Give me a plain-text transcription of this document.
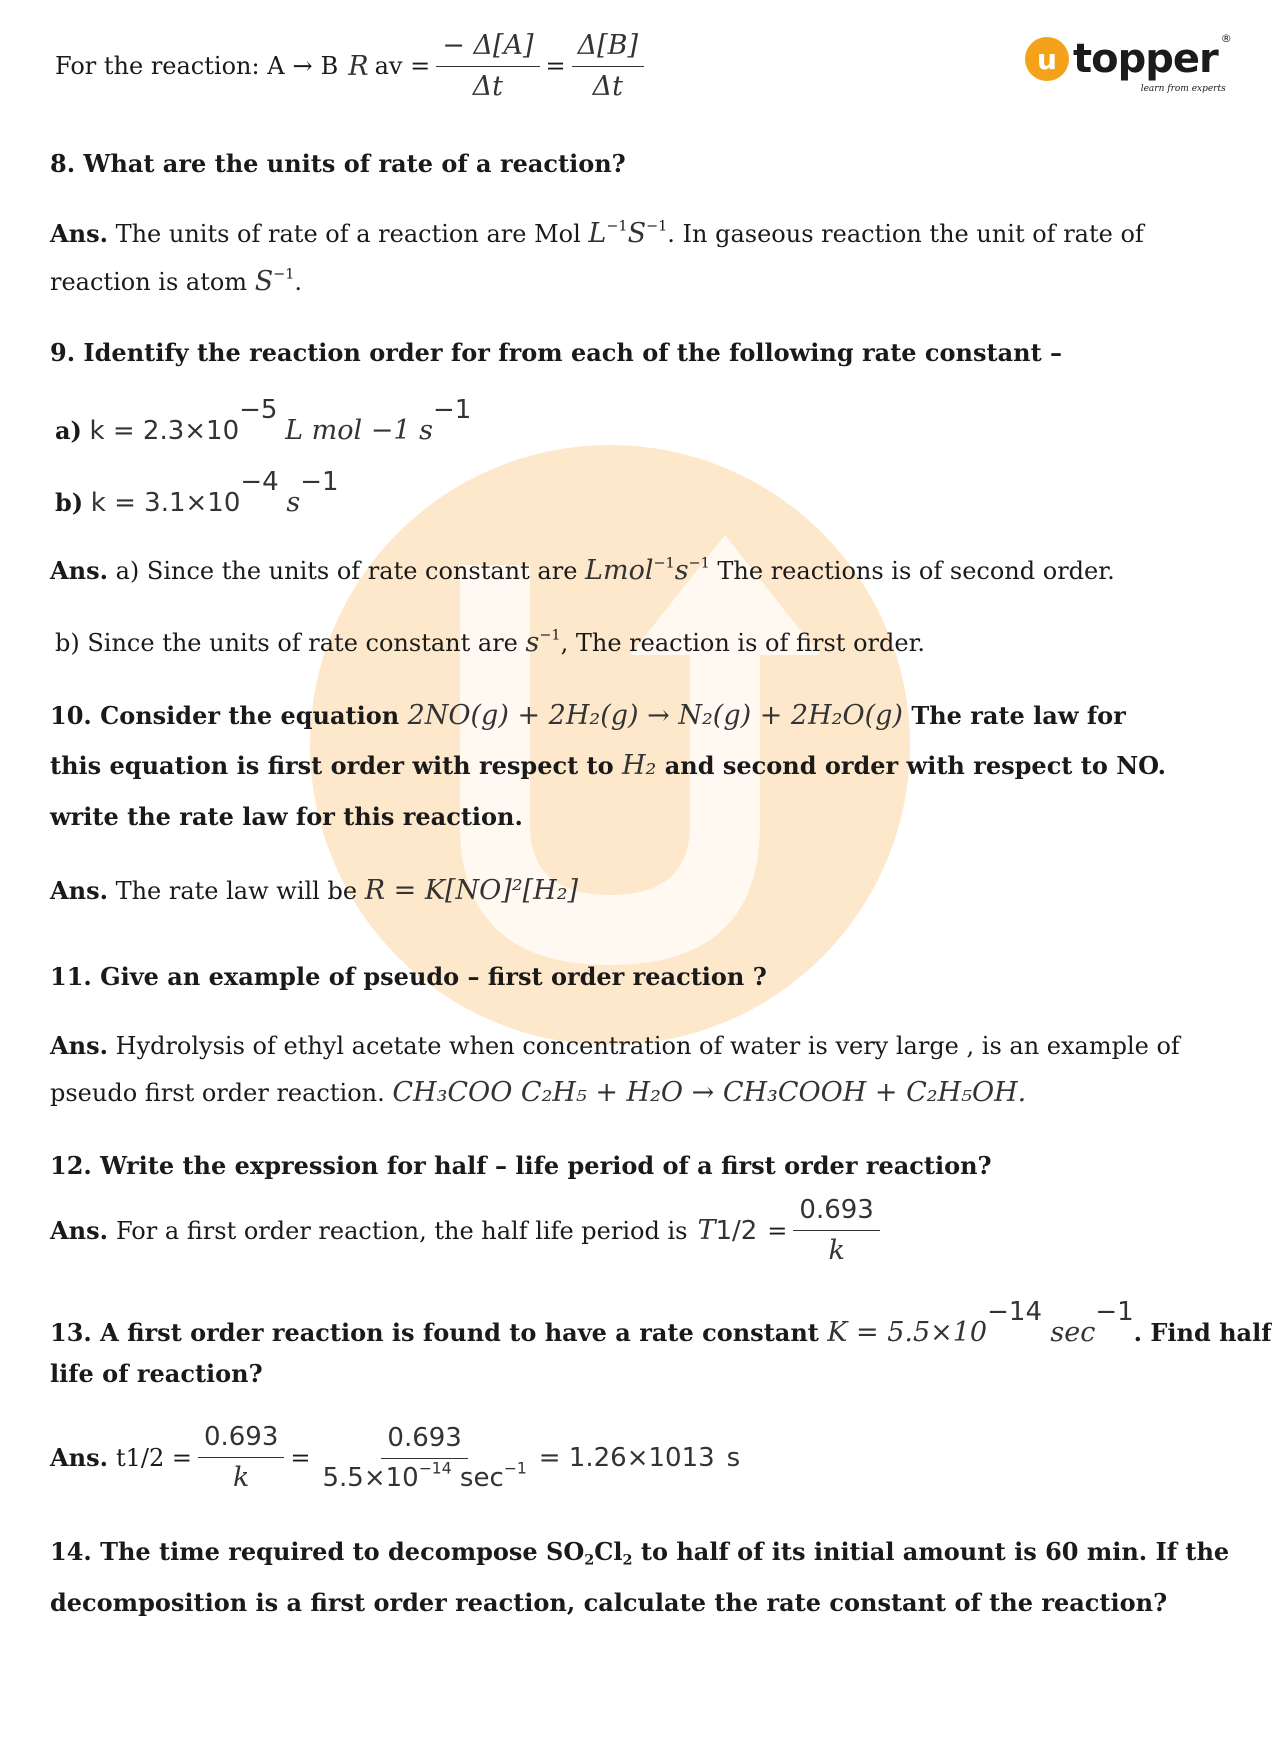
u topper ®
learn from experts
For the reaction: A → B R av = $\frac{- \Delta[A]}{\Delta t} = \frac{\Delta[B]}{\Delta t}$
8. What are the units of rate of a reaction?
Ans. The units of rate of a reaction are Mol $L^{-1}S^{-1}$. In gaseous reaction the unit of rate of
reaction is atom $S^{-1}$.
9. Identify the reaction order for from each of the following rate constant –
a) $k = 2.3\times 10^{-5}$ L mol −1 $s^{-1}$
b) $k = 3.1\times 10^{-4}$ $s^{-1}$
Ans. a) Since the units of rate constant are $Lmol^{-1}s^{-1}$ The reactions is of second order.
b) Since the units of rate constant are $s^{-1}$, The reaction is of first order.
10. Consider the equation 2NO(g) + 2H₂(g) → N₂(g) + 2H₂O(g) The rate law for
this equation is first order with respect to H₂ and second order with respect to NO.
write the rate law for this reaction.
Ans. The rate law will be R = K[NO]²[H₂]
11. Give an example of pseudo – first order reaction ?
Ans. Hydrolysis of ethyl acetate when concentration of water is very large , is an example of
pseudo first order reaction. CH₃COO C₂H₅ + H₂O → CH₃COOH + C₂H₅OH.
12. Write the expression for half – life period of a first order reaction?
Ans. For a first order reaction, the half life period is T $1/2 = \frac{0.693}{k}$
13. A first order reaction is found to have a rate constant $K = 5.5\times 10^{-14}$ $\sec^{-1}$. Find half
life of reaction?
Ans. $t1/2 = \frac{0.693}{k} = \frac{0.693}{5.5\times 10^{-14} \sec^{-1}} = 1.26\times 10$ 13 s
14. The time required to decompose $SO_2Cl_2$ to half of its initial amount is 60 min. If the
decomposition is a first order reaction, calculate the rate constant of the reaction?
